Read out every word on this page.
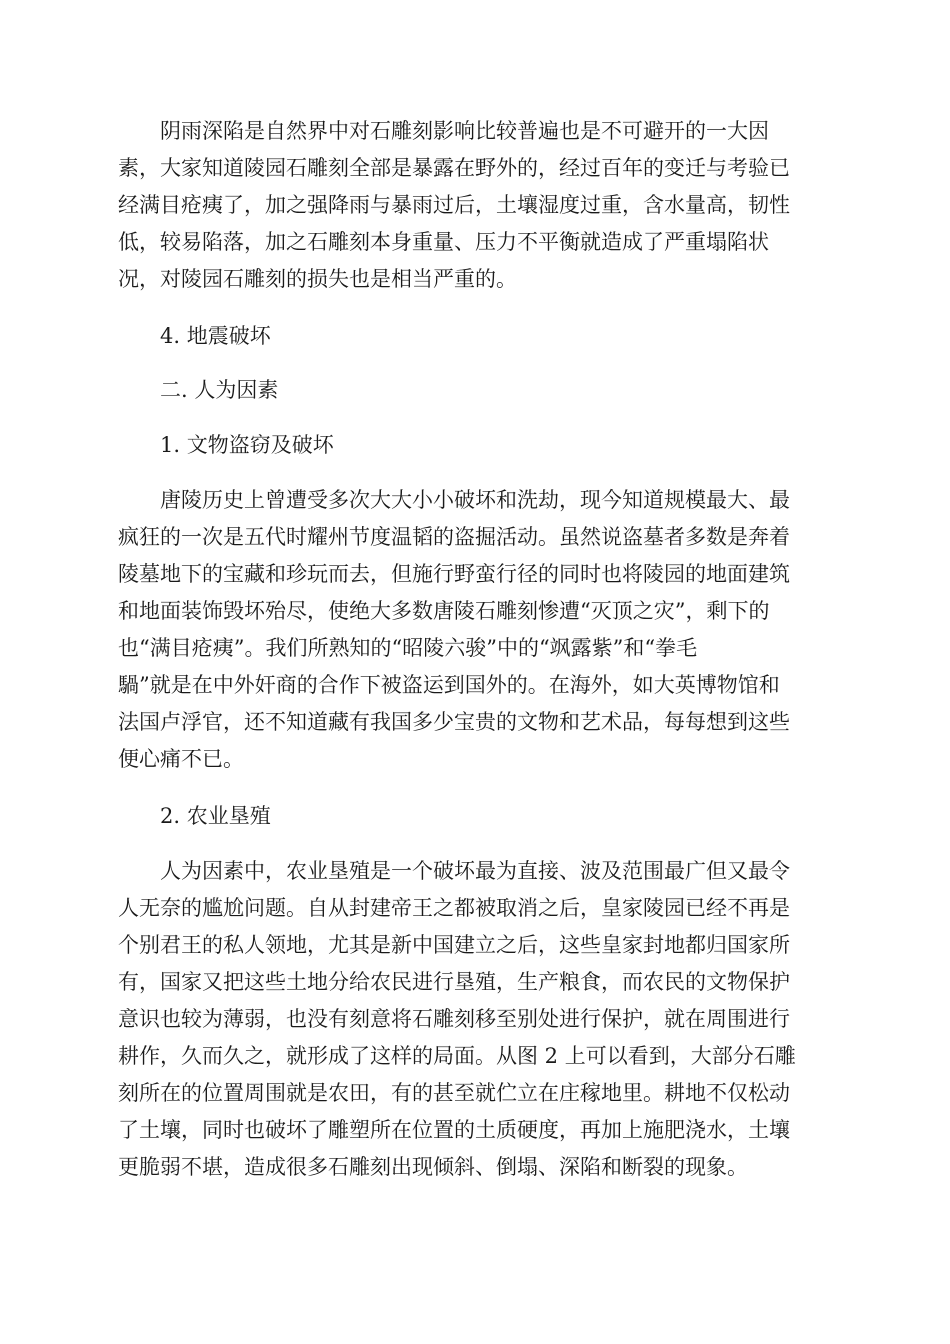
阴雨深陷是自然界中对石雕刻影响比较普遍也是不可避开的一大因
素，大家知道陵园石雕刻全部是暴露在野外的，经过百年的变迁与考验已
经满目疮痍了，加之强降雨与暴雨过后，土壤湿度过重，含水量高，韧性
低，较易陷落，加之石雕刻本身重量、压力不平衡就造成了严重塌陷状
况，对陵园石雕刻的损失也是相当严重的。
4. 地震破坏
二. 人为因素
1. 文物盗窃及破坏
唐陵历史上曾遭受多次大大小小破坏和洗劫，现今知道规模最大、最
疯狂的一次是五代时耀州节度温韬的盗掘活动。虽然说盗墓者多数是奔着
陵墓地下的宝藏和珍玩而去，但施行野蛮行径的同时也将陵园的地面建筑
和地面装饰毁坏殆尽，使绝大多数唐陵石雕刻惨遭“灭顶之灾”，剩下的
也“满目疮痍”。我们所熟知的“昭陵六骏”中的“飒露紫”和“拳毛
騧”就是在中外奸商的合作下被盗运到国外的。在海外，如大英博物馆和
法国卢浮官，还不知道藏有我国多少宝贵的文物和艺术品，每每想到这些
便心痛不已。
2. 农业垦殖
人为因素中，农业垦殖是一个破坏最为直接、波及范围最广但又最令
人无奈的尴尬问题。自从封建帝王之都被取消之后，皇家陵园已经不再是
个别君王的私人领地，尤其是新中国建立之后，这些皇家封地都归国家所
有，国家又把这些土地分给农民进行垦殖，生产粮食，而农民的文物保护
意识也较为薄弱，也没有刻意将石雕刻移至别处进行保护，就在周围进行
耕作，久而久之，就形成了这样的局面。从图 2 上可以看到，大部分石雕
刻所在的位置周围就是农田，有的甚至就伫立在庄稼地里。耕地不仅松动
了土壤，同时也破坏了雕塑所在位置的土质硬度，再加上施肥浇水，土壤
更脆弱不堪，造成很多石雕刻出现倾斜、倒塌、深陷和断裂的现象。
